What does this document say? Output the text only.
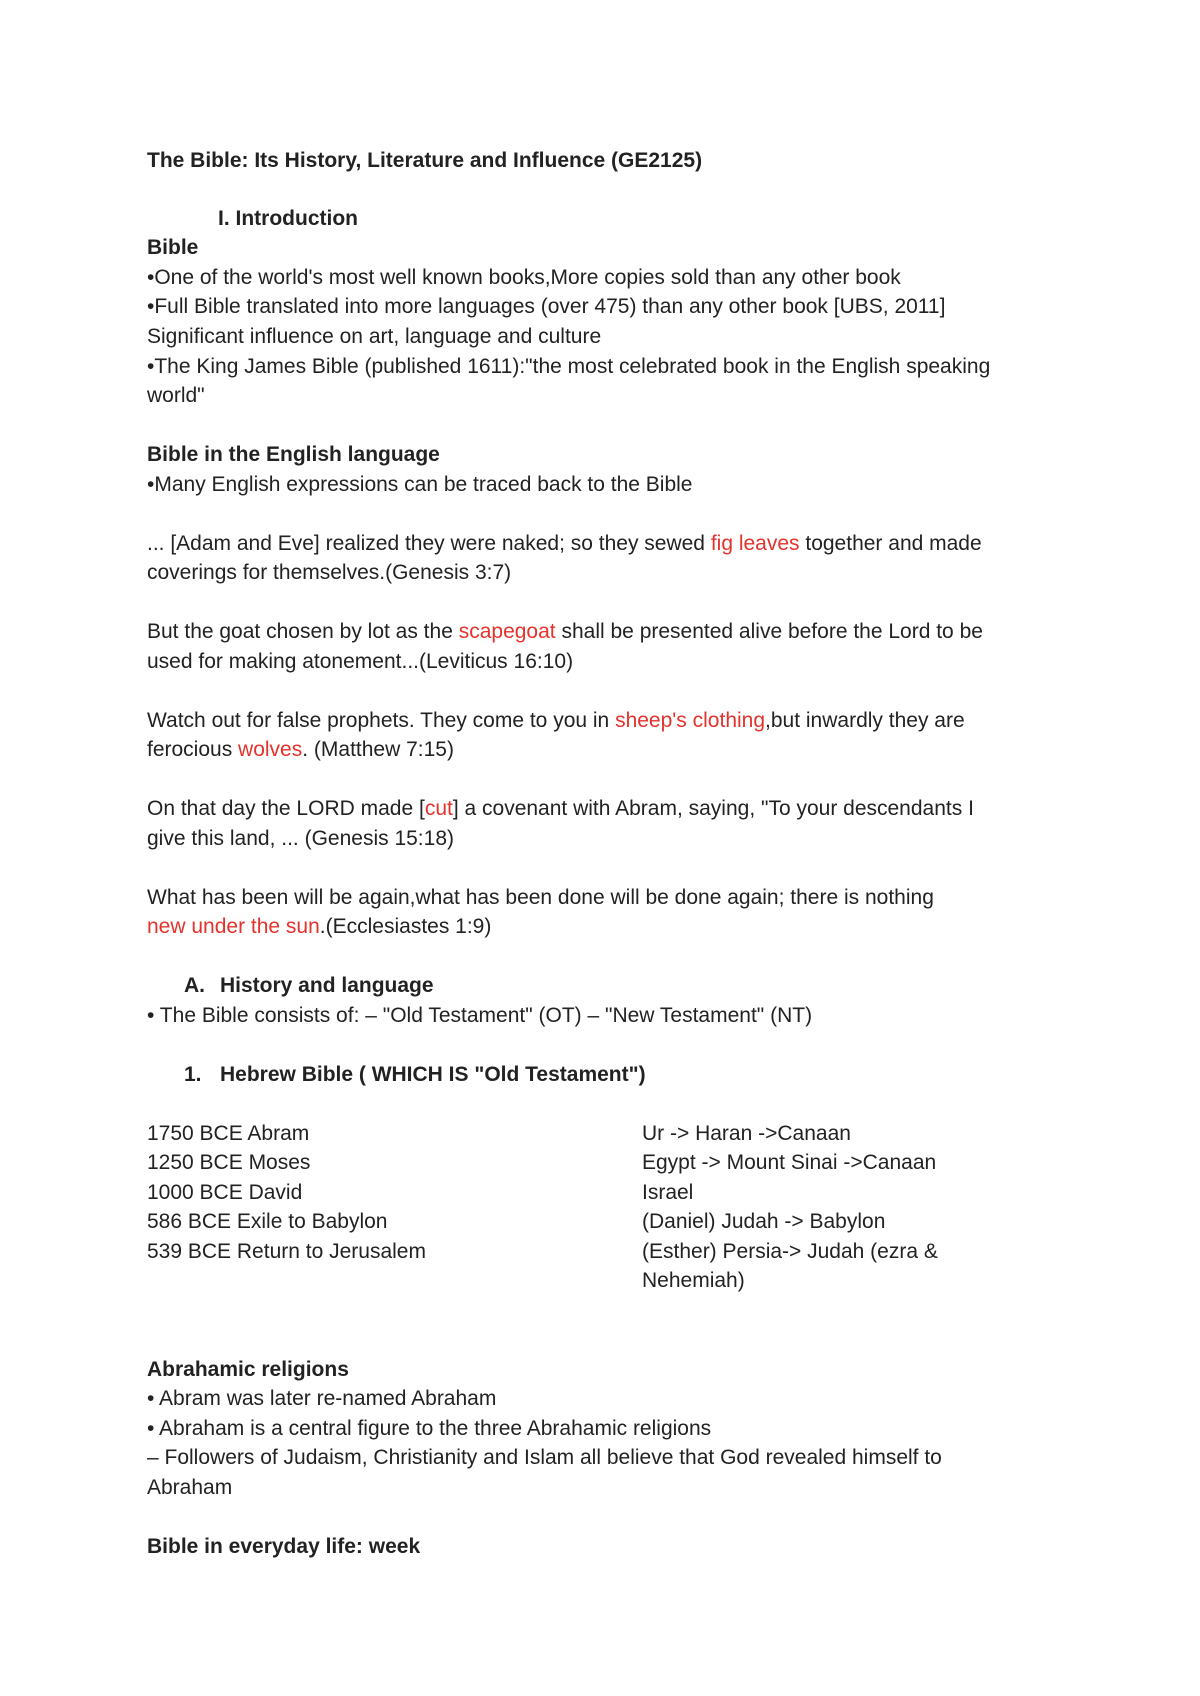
The Bible: Its History, Literature and Influence (GE2125)

I. Introduction

Bible

•One of the world's most well known books,More copies sold than any other book

•Full Bible translated into more languages (over 475) than any other book [UBS, 2011]

Significant influence on art, language and culture

•The King James Bible (published 1611):"the most celebrated book in the English speaking

world"

Bible in the English language

•Many English expressions can be traced back to the Bible

... [Adam and Eve] realized they were naked; so they sewed fig leaves together and made

coverings for themselves.(Genesis 3:7)

But the goat chosen by lot as the scapegoat shall be presented alive before the Lord to be

used for making atonement...(Leviticus 16:10)

Watch out for false prophets. They come to you in sheep's clothing,but inwardly they are

ferocious wolves. (Matthew 7:15)

On that day the LORD made [cut] a covenant with Abram, saying, "To your descendants I

give this land, ... (Genesis 15:18)

What has been will be again,what has been done will be done again; there is nothing

new under the sun.(Ecclesiastes 1:9)

A. History and language

• The Bible consists of: – "Old Testament" (OT) – "New Testament" (NT)

1. Hebrew Bible ( WHICH IS "Old Testament")

1750 BCE Abram

1250 BCE Moses

1000 BCE David

586 BCE Exile to Babylon

539 BCE Return to Jerusalem

Ur -> Haran ->Canaan

Egypt -> Mount Sinai ->Canaan

Israel

(Daniel) Judah -> Babylon

(Esther) Persia-> Judah (ezra &

Nehemiah)

Abrahamic religions

• Abram was later re-named Abraham

• Abraham is a central figure to the three Abrahamic religions

– Followers of Judaism, Christianity and Islam all believe that God revealed himself to

Abraham

Bible in everyday life: week
